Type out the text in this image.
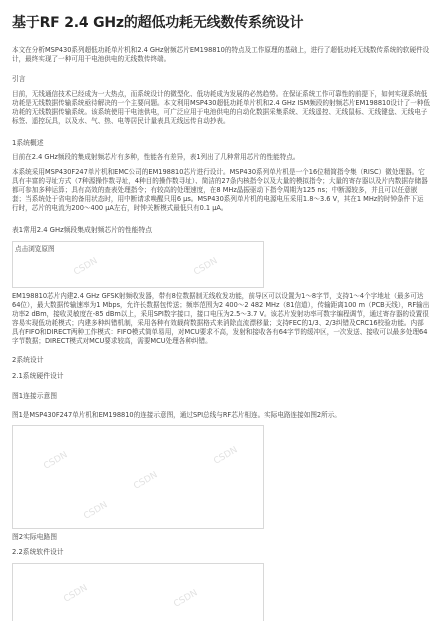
基于RF 2.4 GHz的超低功耗无线数传系统设计
本文在分析MSP430系列超低功耗单片机和2.4 GHz射频芯片EM198810的特点及工作原理的基础上，进行了超低功耗无线数传系统的软硬件设计，最终实现了一种可用干电池供电的无线数传终端。
引言
目前，无线通信技术已经成为一大热点，而系统设计的微型化、低功耗成为发展的必然趋势。在保证系统工作可靠性的前提下，如何实现系统低功耗是无线数据传输系统亟待解决的一个主要问题。本文利用MSP430超低功耗单片机和2.4 GHz ISM频段的射频芯片EM198810设计了一种低功耗的无线数据传输系统。该系统使用干电池供电，可广泛应用于电池供电的自动化数据采集系统、无线遥控、无线鼠标、无线键盘、无线电子标签、遥控玩具，以及水、气、热、电等居民计量表具无线远传自动抄表。
1系统概述
目前在2.4 GHz频段的集成射频芯片有多种，性能各有差异，表1列出了几种常用芯片的性能特点。
本系统采用MSP430F247单片机和EMC公司的EM198810芯片进行设计。MSP430系列单片机是一个16位精简指令集（RISC）微处理器。它具有丰富的寻址方式（7种源操作数寻址，4种目的操作数寻址）、简洁的27条内核指令以及大量的模拟指令；大量的寄存器以及片内数据存储器都可参加多种运算；具有高效的查表处理指令；有较高的处理速度，在8 MHz晶振驱动下指令周期为125 ns；中断源较多，并且可以任意嵌套；当系统处于省电的备用状态时，用中断请求唤醒只用6 μs。MSP430系列单片机的电源电压采用1.8～3.6 V，其在1 MHz的时钟条件下运行时，芯片的电流为200～400 μA左右，时钟关断模式最低只有0.1 μA。
表1常用2.4 GHz频段集成射频芯片的性能特点
点击浏览原图
CSDN	CSDN
EM198810芯片内建2.4 GHz GFSK射频收发器，带有8位数据制无线收发功能，前导区可以设置为1～8字节，支持1～4个字地址（最多可达64位），最大数据传输速率为1 Mbps，允许长数据包传送；频率范围为2 400～2 482 MHz（81信道），传输距离100 m（PCB天线），RF输出功率2 dBm，接收灵敏度在-85 dBm以上，采用SPI数字接口，接口电压为2.5～3.7 V。该芯片发射功率可数字编程调节，通过寄存器的设置很容易实现低功耗模式；内建多种纠错机制，采用各种有效载荷数据格式来消除直流漂移量；支持FEC的1/3、2/3纠错及CRC16校验功能。内部具有FIFO和DIRECT两种工作模式：FIFO模式简单易用，对MCU要求不高，发射和接收各有64字节的缓冲区，一次发送、接收可以最多处理64字节数据；DIRECT模式对MCU要求较高，需要MCU处理各种纠错。
2系统设计
2.1系统硬件设计
图1连接示意图
图1是MSP430F247单片机和EM198810的连接示意图，通过SPI总线与RF芯片相连。实际电路连接如图2所示。
CSDN
CSDN
CSDN
CSDN
图2实际电路图
2.2系统软件设计
CSDN	CSDN
